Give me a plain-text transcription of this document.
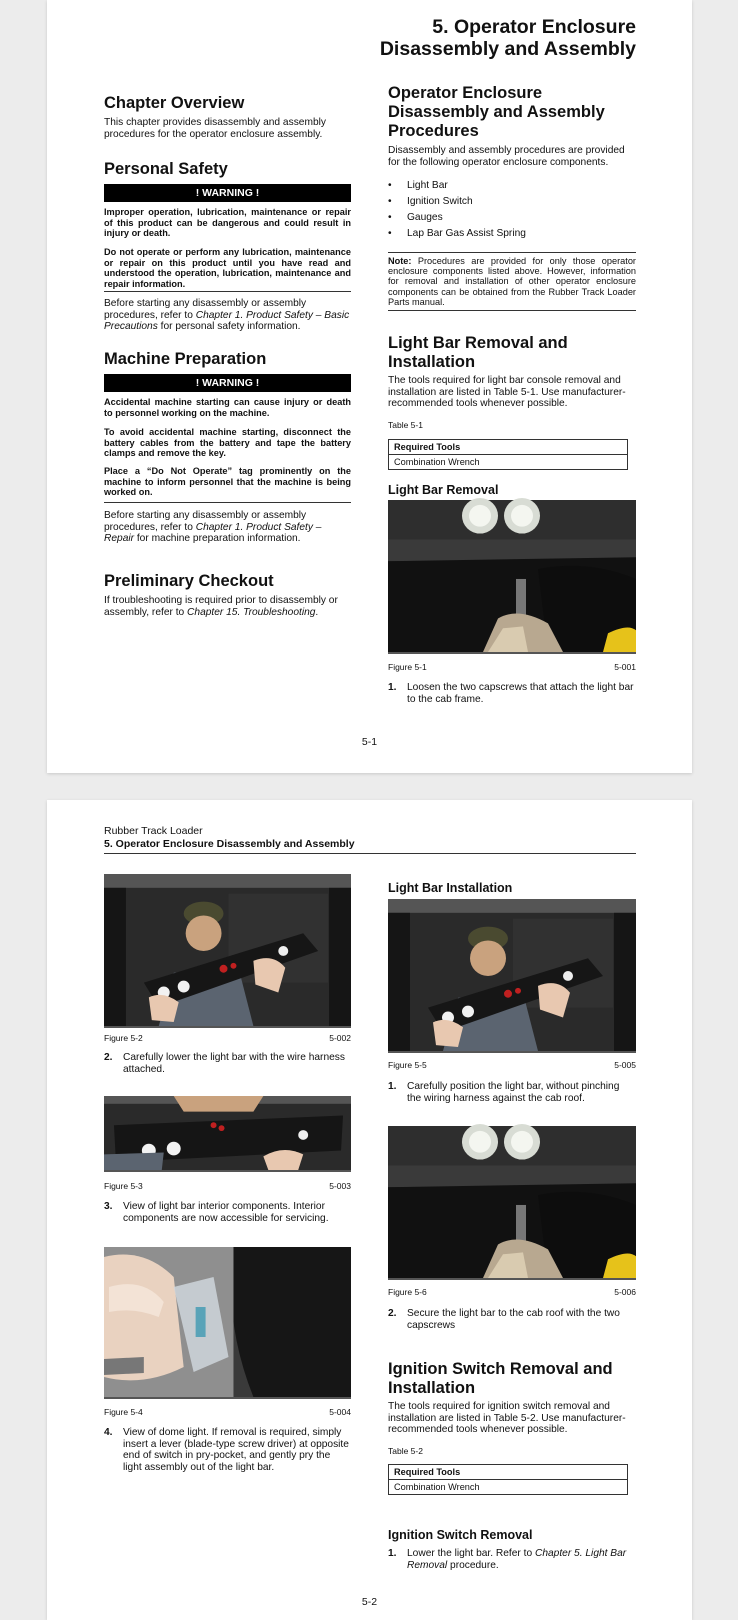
5. Operator Enclosure
Disassembly and Assembly
Chapter Overview

This chapter provides disassembly and assembly procedures for the operator enclosure assembly.

Personal Safety
! WARNING !

Improper operation, lubrication, maintenance or repair of this product can be dangerous and could result in injury or death.

Do not operate or perform any lubrication, maintenance or repair on this product until you have read and understood the operation, lubrication, maintenance and repair information.

Before starting any disassembly or assembly procedures, refer to Chapter 1. Product Safety – Basic Precautions for personal safety information.

Machine Preparation
! WARNING !

Accidental machine starting can cause injury or death to personnel working on the machine.

To avoid accidental machine starting, disconnect the battery cables from the battery and tape the battery clamps and remove the key.

Place a “Do Not Operate” tag prominently on the machine to inform personnel that the machine is being worked on.

Before starting any disassembly or assembly procedures, refer to Chapter 1. Product Safety – Repair for machine preparation information.

Preliminary Checkout

If troubleshooting is required prior to disassembly or assembly, refer to Chapter 15. Troubleshooting.

Operator Enclosure
Disassembly and Assembly
Procedures

Disassembly and assembly procedures are provided for the following operator enclosure components.

• Light Bar
• Ignition Switch
• Gauges
• Lap Bar Gas Assist Spring
Note: Procedures are provided for only those operator enclosure components listed above. However, information for removal and installation of other operator enclosure components can be obtained from the Rubber Track Loader Parts manual.
Light Bar Removal and
Installation

The tools required for light bar console removal and installation are listed in Table 5-1. Use manufacturer-recommended tools whenever possible.

Table 5-1
Required Tools
Combination Wrench
Light Bar Removal
Figure 5-1	5-001
1.	Loosen the two capscrews that attach the light bar to the cab frame.
5-1
Rubber Track Loader
5. Operator Enclosure Disassembly and Assembly
Figure 5-2	5-002
2.	Carefully lower the light bar with the wire harness attached.
Figure 5-3	5-003
3.	View of light bar interior components. Interior components are now accessible for servicing.
Figure 5-4	5-004
4.	View of dome light. If removal is required, simply insert a lever (blade-type screw driver) at opposite end of switch in pry-pocket, and gently pry the light assembly out of the light bar.
Light Bar Installation
Figure 5-5	5-005
1.	Carefully position the light bar, without pinching the wiring harness against the cab roof.
Figure 5-6	5-006
2.	Secure the light bar to the cab roof with the two capscrews
Ignition Switch Removal and
Installation

The tools required for ignition switch removal and installation are listed in Table 5-2. Use manufacturer-recommended tools whenever possible.

Table 5-2
Required Tools
Combination Wrench
Ignition Switch Removal
1.	Lower the light bar. Refer to Chapter 5. Light Bar Removal procedure.
5-2
